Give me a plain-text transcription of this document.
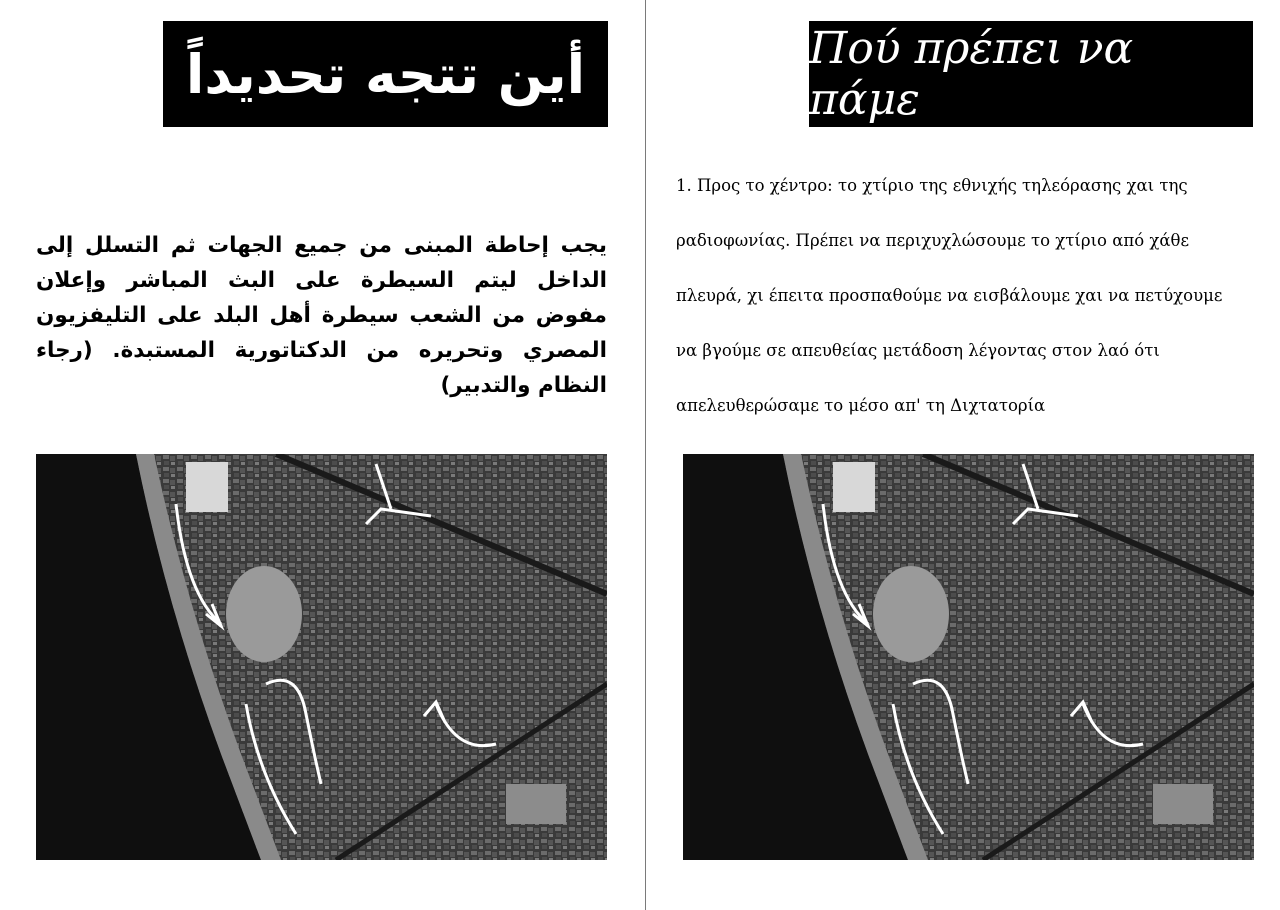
أين تتجه تحديداً
يجب إحاطة المبنى من جميع الجهات ثم التسلل إلى الداخل ليتم السيطرة على البث المباشر وإعلان مفوض من الشعب سيطرة أهل البلد على التليفزيون المصري وتحريره من الدكتاتورية المستبدة. (رجاء النظام والتدبير)
Πού πρέπει να πάμε
1. Προς το χέντρο: το χτίριο της εθνιχής τηλεόρασης χαι της ραδιοφωνίας. Πρέπει να περιχυχλώσουμε το χτίριο από χάθε πλευρά, χι έπειτα προσπαθούμε να εισβάλουμε χαι να πετύχουμε να βγούμε σε απευθείας μετάδοση λέγοντας στον λαό ότι απελευθερώσαμε το μέσο απ' τη Διχτατορία
